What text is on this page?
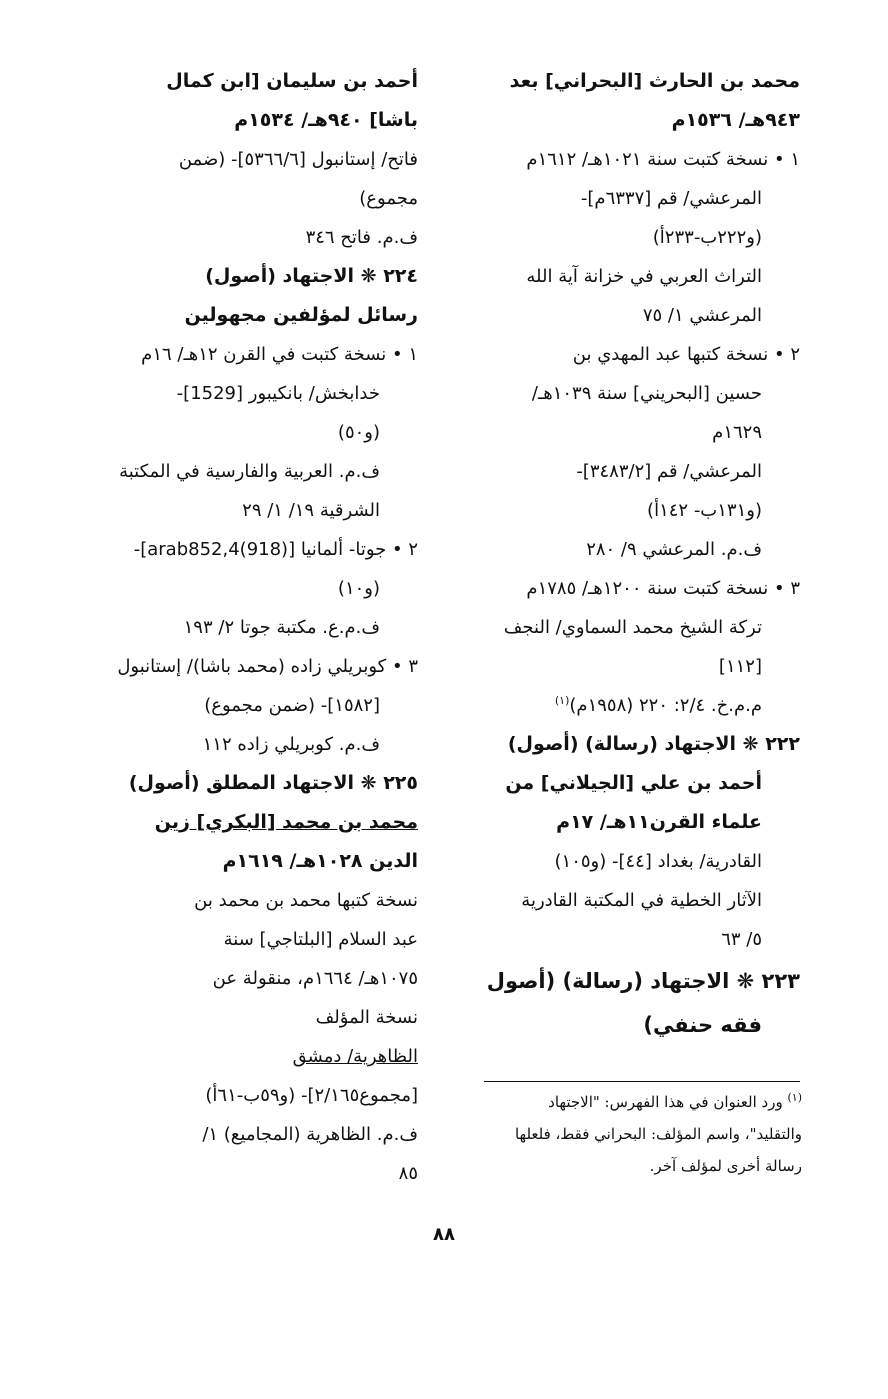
محمد بن الحارث [البحراني] بعد
٩٤٣هـ/ ١٥٣٦م
١ • نسخة كتبت سنة ١٠٢١هـ/ ١٦١٢م
المرعشي/ قم [٦٣٣٧م]-
(و٢٢٢ب-٢٣٣أ)
التراث العربي في خزانة آية الله
المرعشي ١/ ٧٥
٢ • نسخة كتبها عبد المهدي بن
حسين [البحريني] سنة ١٠٣٩هـ/
١٦٢٩م
المرعشي/ قم [٣٤٨٣/٢]-
(و١٣١ب- ١٤٢أ)
ف.م. المرعشي ٩/ ٢٨٠
٣ • نسخة كتبت سنة ١٢٠٠هـ/ ١٧٨٥م
تركة الشيخ محمد السماوي/ النجف
[١١٢]
م.م.خ. ٢/٤: ٢٢٠ (١٩٥٨م)$^{(١)}$
٢٢٢ ❋ الاجتهاد (رسالة) (أصول)
أحمد بن علي [الجيلاني] من
علماء القرن١١هـ/ ١٧م
القادرية/ بغداد [٤٤]- (و١٠٥)
الآثار الخطية في المكتبة القادرية
٥/ ٦٣
٢٢٣ ❋ الاجتهاد (رسالة) (أصول
فقه حنفي)
أحمد بن سليمان [ابن كمال
باشا] ٩٤٠هـ/ ١٥٣٤م
فاتح/ إستانبول [٥٣٦٦/٦]- (ضمن
مجموع)
ف.م. فاتح ٣٤٦
٢٢٤ ❋ الاجتهاد (أصول)
رسائل لمؤلفين مجهولين
١ • نسخة كتبت في القرن ١٢هـ/ ١٦م
خدابخش/ بانكيبور [1529]-
(و٥٠)
ف.م. العربية والفارسية في المكتبة
الشرقية ١٩/ ١/ ٢٩
٢ • جوتا- ألمانيا [arab852,4(918)]-
(و١٠)
ف.م.ع. مكتبة جوتا ٢/ ١٩٣
٣ • كوبريلي زاده (محمد باشا)/ إستانبول
[١٥٨٢]- (ضمن مجموع)
ف.م. كوبريلي زاده ١١٢
٢٢٥ ❋ الاجتهاد المطلق (أصول)
محمد بن محمد [البكري] زين
الدين ١٠٢٨هـ/ ١٦١٩م
نسخة كتبها محمد بن محمد بن
عبد السلام [البلتاجي] سنة
١٠٧٥هـ/ ١٦٦٤م، منقولة عن
نسخة المؤلف
الظاهرية/ دمشق
[مجموع٢/١٦٥]- (و٥٩ب-٦١أ)
ف.م. الظاهرية (المجاميع) ١/
٨٥
$^{(١)}$ ورد العنوان في هذا الفهرس: "الاجتهاد
والتقليد"، واسم المؤلف: البحراني فقط، فلعلها
رسالة أخرى لمؤلف آخر.
٨٨
